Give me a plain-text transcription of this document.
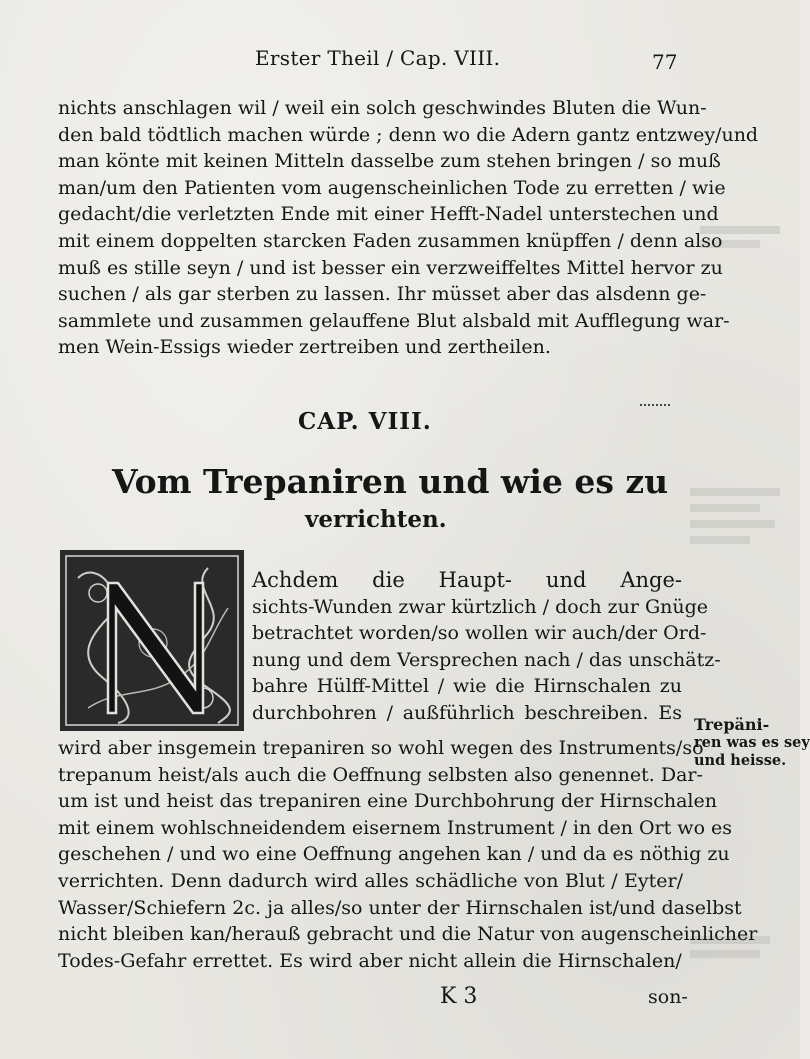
Erster Theil / Cap. VIII.	77
nichts anschlagen wil / weil ein solch geschwindes Bluten die Wun-
den bald tödtlich machen würde ; denn wo die Adern gantz entzwey/und
man könte mit keinen Mitteln dasselbe zum stehen bringen / so muß
man/um den Patienten vom augenscheinlichen Tode zu erretten / wie
gedacht/die verletzten Ende mit einer Hefft-Nadel unterstechen und
mit einem doppelten starcken Faden zusammen knüpffen / denn also
muß es stille seyn / und ist besser ein verzweiffeltes Mittel hervor zu
suchen / als gar sterben zu lassen. Ihr müsset aber das alsdenn ge-
sammlete und zusammen gelauffene Blut alsbald mit Aufflegung war-
men Wein-Essigs wieder zertreiben und zertheilen.
CAP. VIII.
Vom Trepaniren und wie es zu
verrichten.
Achdem die Haupt- und Ange-
sichts-Wunden zwar kürtzlich / doch zur Gnüge
betrachtet worden/so wollen wir auch/der Ord-
nung und dem Versprechen nach / das unschätz-
bahre Hülff-Mittel / wie die Hirnschalen zu
durchbohren / außführlich beschreiben. Es
wird aber insgemein trepaniren so wohl wegen des Instruments/so
trepanum heist/als auch die Oeffnung selbsten also genennet. Dar-
um ist und heist das trepaniren eine Durchbohrung der Hirnschalen
mit einem wohlschneidendem eisernem Instrument / in den Ort wo es
geschehen / und wo eine Oeffnung angehen kan / und da es nöthig zu
verrichten. Denn dadurch wird alles schädliche von Blut / Eyter/
Wasser/Schiefern 2c. ja alles/so unter der Hirnschalen ist/und daselbst
nicht bleiben kan/herauß gebracht und die Natur von augenscheinlicher
Todes-Gefahr errettet. Es wird aber nicht allein die Hirnschalen/
Trepäni-
ren was es sey
und heisse.
K 3	son-
